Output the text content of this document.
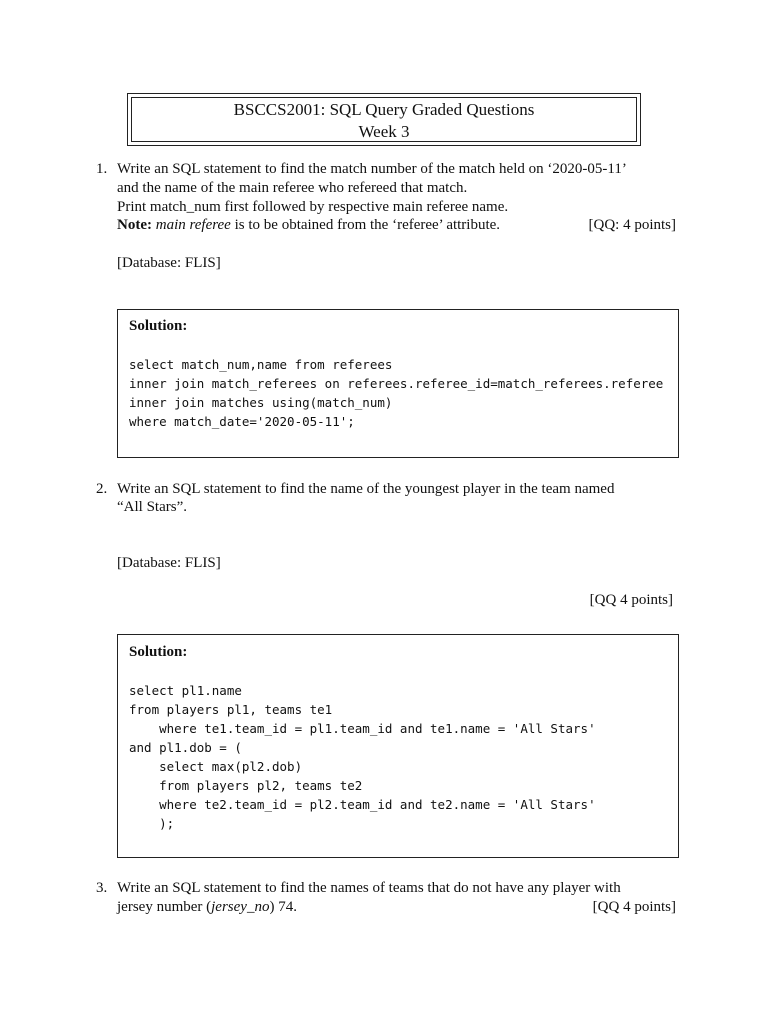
BSCCS2001: SQL Query Graded Questions
Week 3
1. Write an SQL statement to find the match number of the match held on ‘2020-05-11’
and the name of the main referee who refereed that match.
Print match_num first followed by respective main referee name.
Note: main referee is to be obtained from the ‘referee’ attribute.	[QQ: 4 points]
[Database: FLIS]
Solution:
select match_num,name from referees
inner join match_referees on referees.referee_id=match_referees.referee
inner join matches using(match_num)
where match_date='2020-05-11';
2. Write an SQL statement to find the name of the youngest player in the team named
“All Stars”.
[Database: FLIS]
[QQ 4 points]
Solution:
select pl1.name
from players pl1, teams te1
where te1.team_id = pl1.team_id and te1.name = 'All Stars'
and pl1.dob = (
select max(pl2.dob)
from players pl2, teams te2
where te2.team_id = pl2.team_id and te2.name = 'All Stars'
);
3. Write an SQL statement to find the names of teams that do not have any player with
jersey number (jersey_no) 74.	[QQ 4 points]
